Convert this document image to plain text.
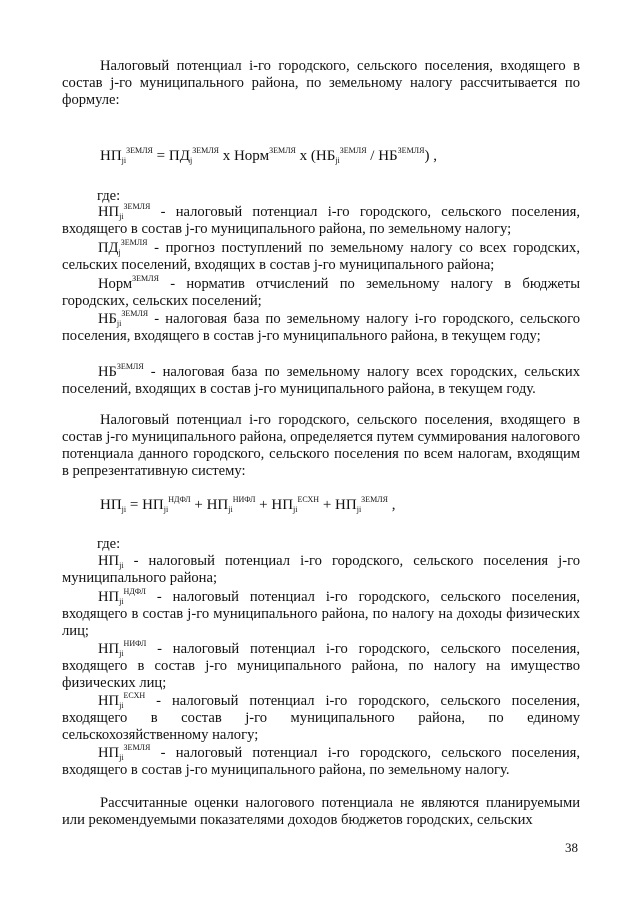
Налоговый потенциал i-го городского, сельского поселения, входящего в состав j-го муниципального района, по земельному налогу рассчитывается по формуле:
$НП_{ji}^{ЗЕМЛЯ} = ПД_j^{ЗЕМЛЯ}$ x Норм$^{ЗЕМЛЯ}$ x $(НБ_{ji}^{ЗЕМЛЯ} / НБ^{ЗЕМЛЯ})$ ,
где:
$НП_{ji}^{ЗЕМЛЯ}$ - налоговый потенциал i-го городского, сельского поселения, входящего в состав j-го муниципального района, по земельному налогу;
$ПД_j^{ЗЕМЛЯ}$ - прогноз поступлений по земельному налогу со всех городских, сельских поселений, входящих в состав j-го муниципального района;
Норм$^{ЗЕМЛЯ}$ - норматив отчислений по земельному налогу в бюджеты городских, сельских поселений;
$НБ_{ji}^{ЗЕМЛЯ}$ - налоговая база по земельному налогу i-го городского, сельского поселения, входящего в состав j-го муниципального района, в текущем году;
$НБ^{ЗЕМЛЯ}$ - налоговая база по земельному налогу всех городских, сельских поселений, входящих в состав j-го муниципального района, в текущем году.
Налоговый потенциал i-го городского, сельского поселения, входящего в состав j-го муниципального района, определяется путем суммирования налогового потенциала данного городского, сельского поселения по всем налогам, входящим в репрезентативную систему:
$НП_{ji} = НП_{ji}^{НДФЛ} + НП_{ji}^{НИФЛ} + НП_{ji}^{ЕСХН} + НП_{ji}^{ЗЕМЛЯ}$ ,
где:
$НП_{ji}$ - налоговый потенциал i-го городского, сельского поселения j-го муниципального района;
$НП_{ji}^{НДФЛ}$ - налоговый потенциал i-го городского, сельского поселения, входящего в состав j-го муниципального района, по налогу на доходы физических лиц;
$НП_{ji}^{НИФЛ}$ - налоговый потенциал i-го городского, сельского поселения, входящего в состав j-го муниципального района, по налогу на имущество физических лиц;
$НП_{ji}^{ЕСХН}$ - налоговый потенциал i-го городского, сельского поселения, входящего в состав j-го муниципального района, по единому сельскохозяйственному налогу;
$НП_{ji}^{ЗЕМЛЯ}$ - налоговый потенциал i-го городского, сельского поселения, входящего в состав j-го муниципального района, по земельному налогу.
Рассчитанные оценки налогового потенциала не являются планируемыми или рекомендуемыми показателями доходов бюджетов городских, сельских
38
